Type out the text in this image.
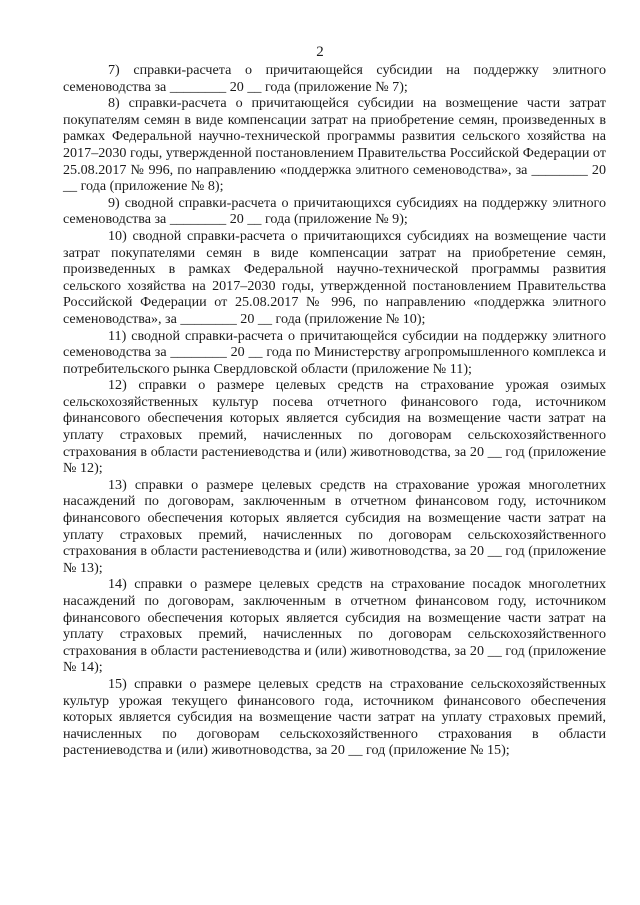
2

7) справки-расчета о причитающейся субсидии на поддержку элитного семеноводства за ________ 20 __ года (приложение № 7);

8) справки-расчета о причитающейся субсидии на возмещение части затрат покупателям семян в виде компенсации затрат на приобретение семян, произведенных в рамках Федеральной научно-технической программы развития сельского хозяйства на 2017–2030 годы, утвержденной постановлением Правительства Российской Федерации от 25.08.2017 № 996, по направлению «поддержка элитного семеноводства», за ________ 20 __ года (приложение № 8);

9) сводной справки-расчета о причитающихся субсидиях на поддержку элитного семеноводства за ________ 20 __ года (приложение № 9);

10) сводной справки-расчета о причитающихся субсидиях на возмещение части затрат покупателями семян в виде компенсации затрат на приобретение семян, произведенных в рамках Федеральной научно-технической программы развития сельского хозяйства на 2017–2030 годы, утвержденной постановлением Правительства Российской Федерации от 25.08.2017 № 996, по направлению «поддержка элитного семеноводства», за ________ 20 __ года (приложение № 10);

11) сводной справки-расчета о причитающейся субсидии на поддержку элитного семеноводства за ________ 20 __ года по Министерству агропромышленного комплекса и потребительского рынка Свердловской области (приложение № 11);

12) справки о размере целевых средств на страхование урожая озимых сельскохозяйственных культур посева отчетного финансового года, источником финансового обеспечения которых является субсидия на возмещение части затрат на уплату страховых премий, начисленных по договорам сельскохозяйственного страхования в области растениеводства и (или) животноводства, за 20 __ год (приложение № 12);

13) справки о размере целевых средств на страхование урожая многолетних насаждений по договорам, заключенным в отчетном финансовом году, источником финансового обеспечения которых является субсидия на возмещение части затрат на уплату страховых премий, начисленных по договорам сельскохозяйственного страхования в области растениеводства и (или) животноводства, за 20 __ год (приложение № 13);

14) справки о размере целевых средств на страхование посадок многолетних насаждений по договорам, заключенным в отчетном финансовом году, источником финансового обеспечения которых является субсидия на возмещение части затрат на уплату страховых премий, начисленных по договорам сельскохозяйственного страхования в области растениеводства и (или) животноводства, за 20 __ год (приложение № 14);

15) справки о размере целевых средств на страхование сельскохозяйственных культур урожая текущего финансового года, источником финансового обеспечения которых является субсидия на возмещение части затрат на уплату страховых премий, начисленных по договорам сельскохозяйственного страхования в области растениеводства и (или) животноводства, за 20 __ год (приложение № 15);
